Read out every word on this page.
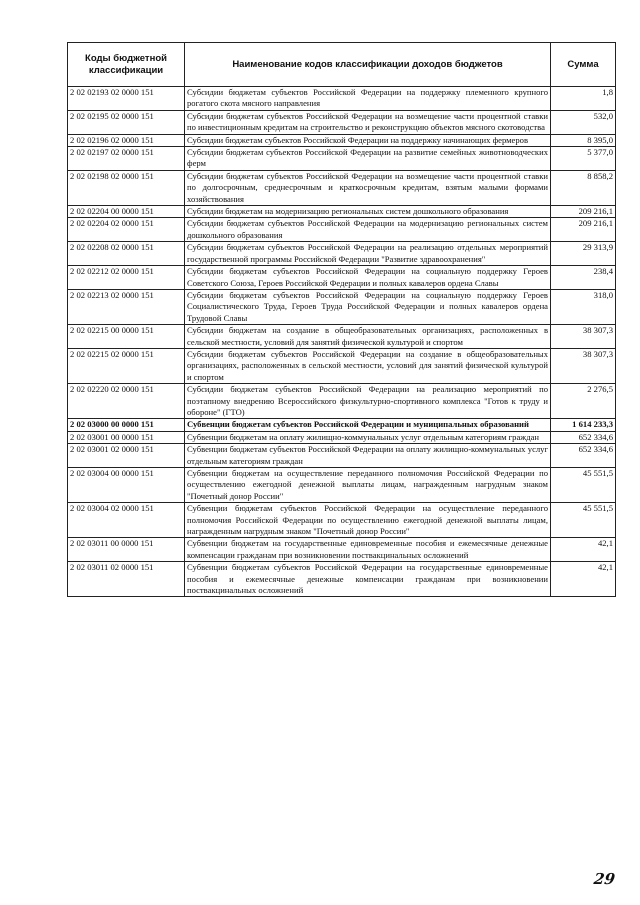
Коды бюджетной классификации	Наименование кодов классификации доходов бюджетов	Сумма
2 02 02193 02 0000 151	Субсидии бюджетам субъектов Российской Федерации на поддержку племенного крупного рогатого скота мясного направления	1,8
2 02 02195 02 0000 151	Субсидии бюджетам субъектов Российской Федерации на возмещение части процентной ставки по инвестиционным кредитам на строительство и реконструкцию объектов мясного скотоводства	532,0
2 02 02196 02 0000 151	Субсидии бюджетам субъектов Российской Федерации на поддержку начинающих фермеров	8 395,0
2 02 02197 02 0000 151	Субсидии бюджетам субъектов Российской Федерации на развитие семейных животноводческих ферм	5 377,0
2 02 02198 02 0000 151	Субсидии бюджетам субъектов Российской Федерации на возмещение части процентной ставки по долгосрочным, среднесрочным и краткосрочным кредитам, взятым малыми формами хозяйствования	8 858,2
2 02 02204 00 0000 151	Субсидии бюджетам на модернизацию региональных систем дошкольного образования	209 216,1
2 02 02204 02 0000 151	Субсидии бюджетам субъектов Российской Федерации на модернизацию региональных систем дошкольного образования	209 216,1
2 02 02208 02 0000 151	Субсидии бюджетам субъектов Российской Федерации на реализацию отдельных мероприятий государственной программы Российской Федерации "Развитие здравоохранения"	29 313,9
2 02 02212 02 0000 151	Субсидии бюджетам субъектов Российской Федерации на социальную поддержку Героев Советского Союза, Героев Российской Федерации и полных кавалеров ордена Славы	238,4
2 02 02213 02 0000 151	Субсидии бюджетам субъектов Российской Федерации на социальную поддержку Героев Социалистического Труда, Героев Труда Российской Федерации и полных кавалеров ордена Трудовой Славы	318,0
2 02 02215 00 0000 151	Субсидии бюджетам на создание в общеобразовательных организациях, расположенных в сельской местности, условий для занятий физической культурой и спортом	38 307,3
2 02 02215 02 0000 151	Субсидии бюджетам субъектов Российской Федерации на создание в общеобразовательных организациях, расположенных в сельской местности, условий для занятий физической культурой и спортом	38 307,3
2 02 02220 02 0000 151	Субсидии бюджетам субъектов Российской Федерации на реализацию мероприятий по поэтапному внедрению Всероссийского физкультурно-спортивного комплекса "Готов к труду и обороне" (ГТО)	2 276,5
2 02 03000 00 0000 151	Субвенции бюджетам субъектов Российской Федерации и муниципальных образований	1 614 233,3
2 02 03001 00 0000 151	Субвенции бюджетам на оплату жилищно-коммунальных услуг отдельным категориям граждан	652 334,6
2 02 03001 02 0000 151	Субвенции бюджетам субъектов Российской Федерации на оплату жилищно-коммунальных услуг отдельным категориям граждан	652 334,6
2 02 03004 00 0000 151	Субвенции бюджетам на осуществление переданного полномочия Российской Федерации по осуществлению ежегодной денежной выплаты лицам, награжденным нагрудным знаком "Почетный донор России"	45 551,5
2 02 03004 02 0000 151	Субвенции бюджетам субъектов Российской Федерации на осуществление переданного полномочия Российской Федерации по осуществлению ежегодной денежной выплаты лицам, награжденным нагрудным знаком "Почетный донор России"	45 551,5
2 02 03011 00 0000 151	Субвенции бюджетам на государственные единовременные пособия и ежемесячные денежные компенсации гражданам при возникновении поствакцинальных осложнений	42,1
2 02 03011 02 0000 151	Субвенции бюджетам субъектов Российской Федерации на государственные единовременные пособия и ежемесячные денежные компенсации гражданам при возникновении поствакцинальных осложнений	42,1
29
